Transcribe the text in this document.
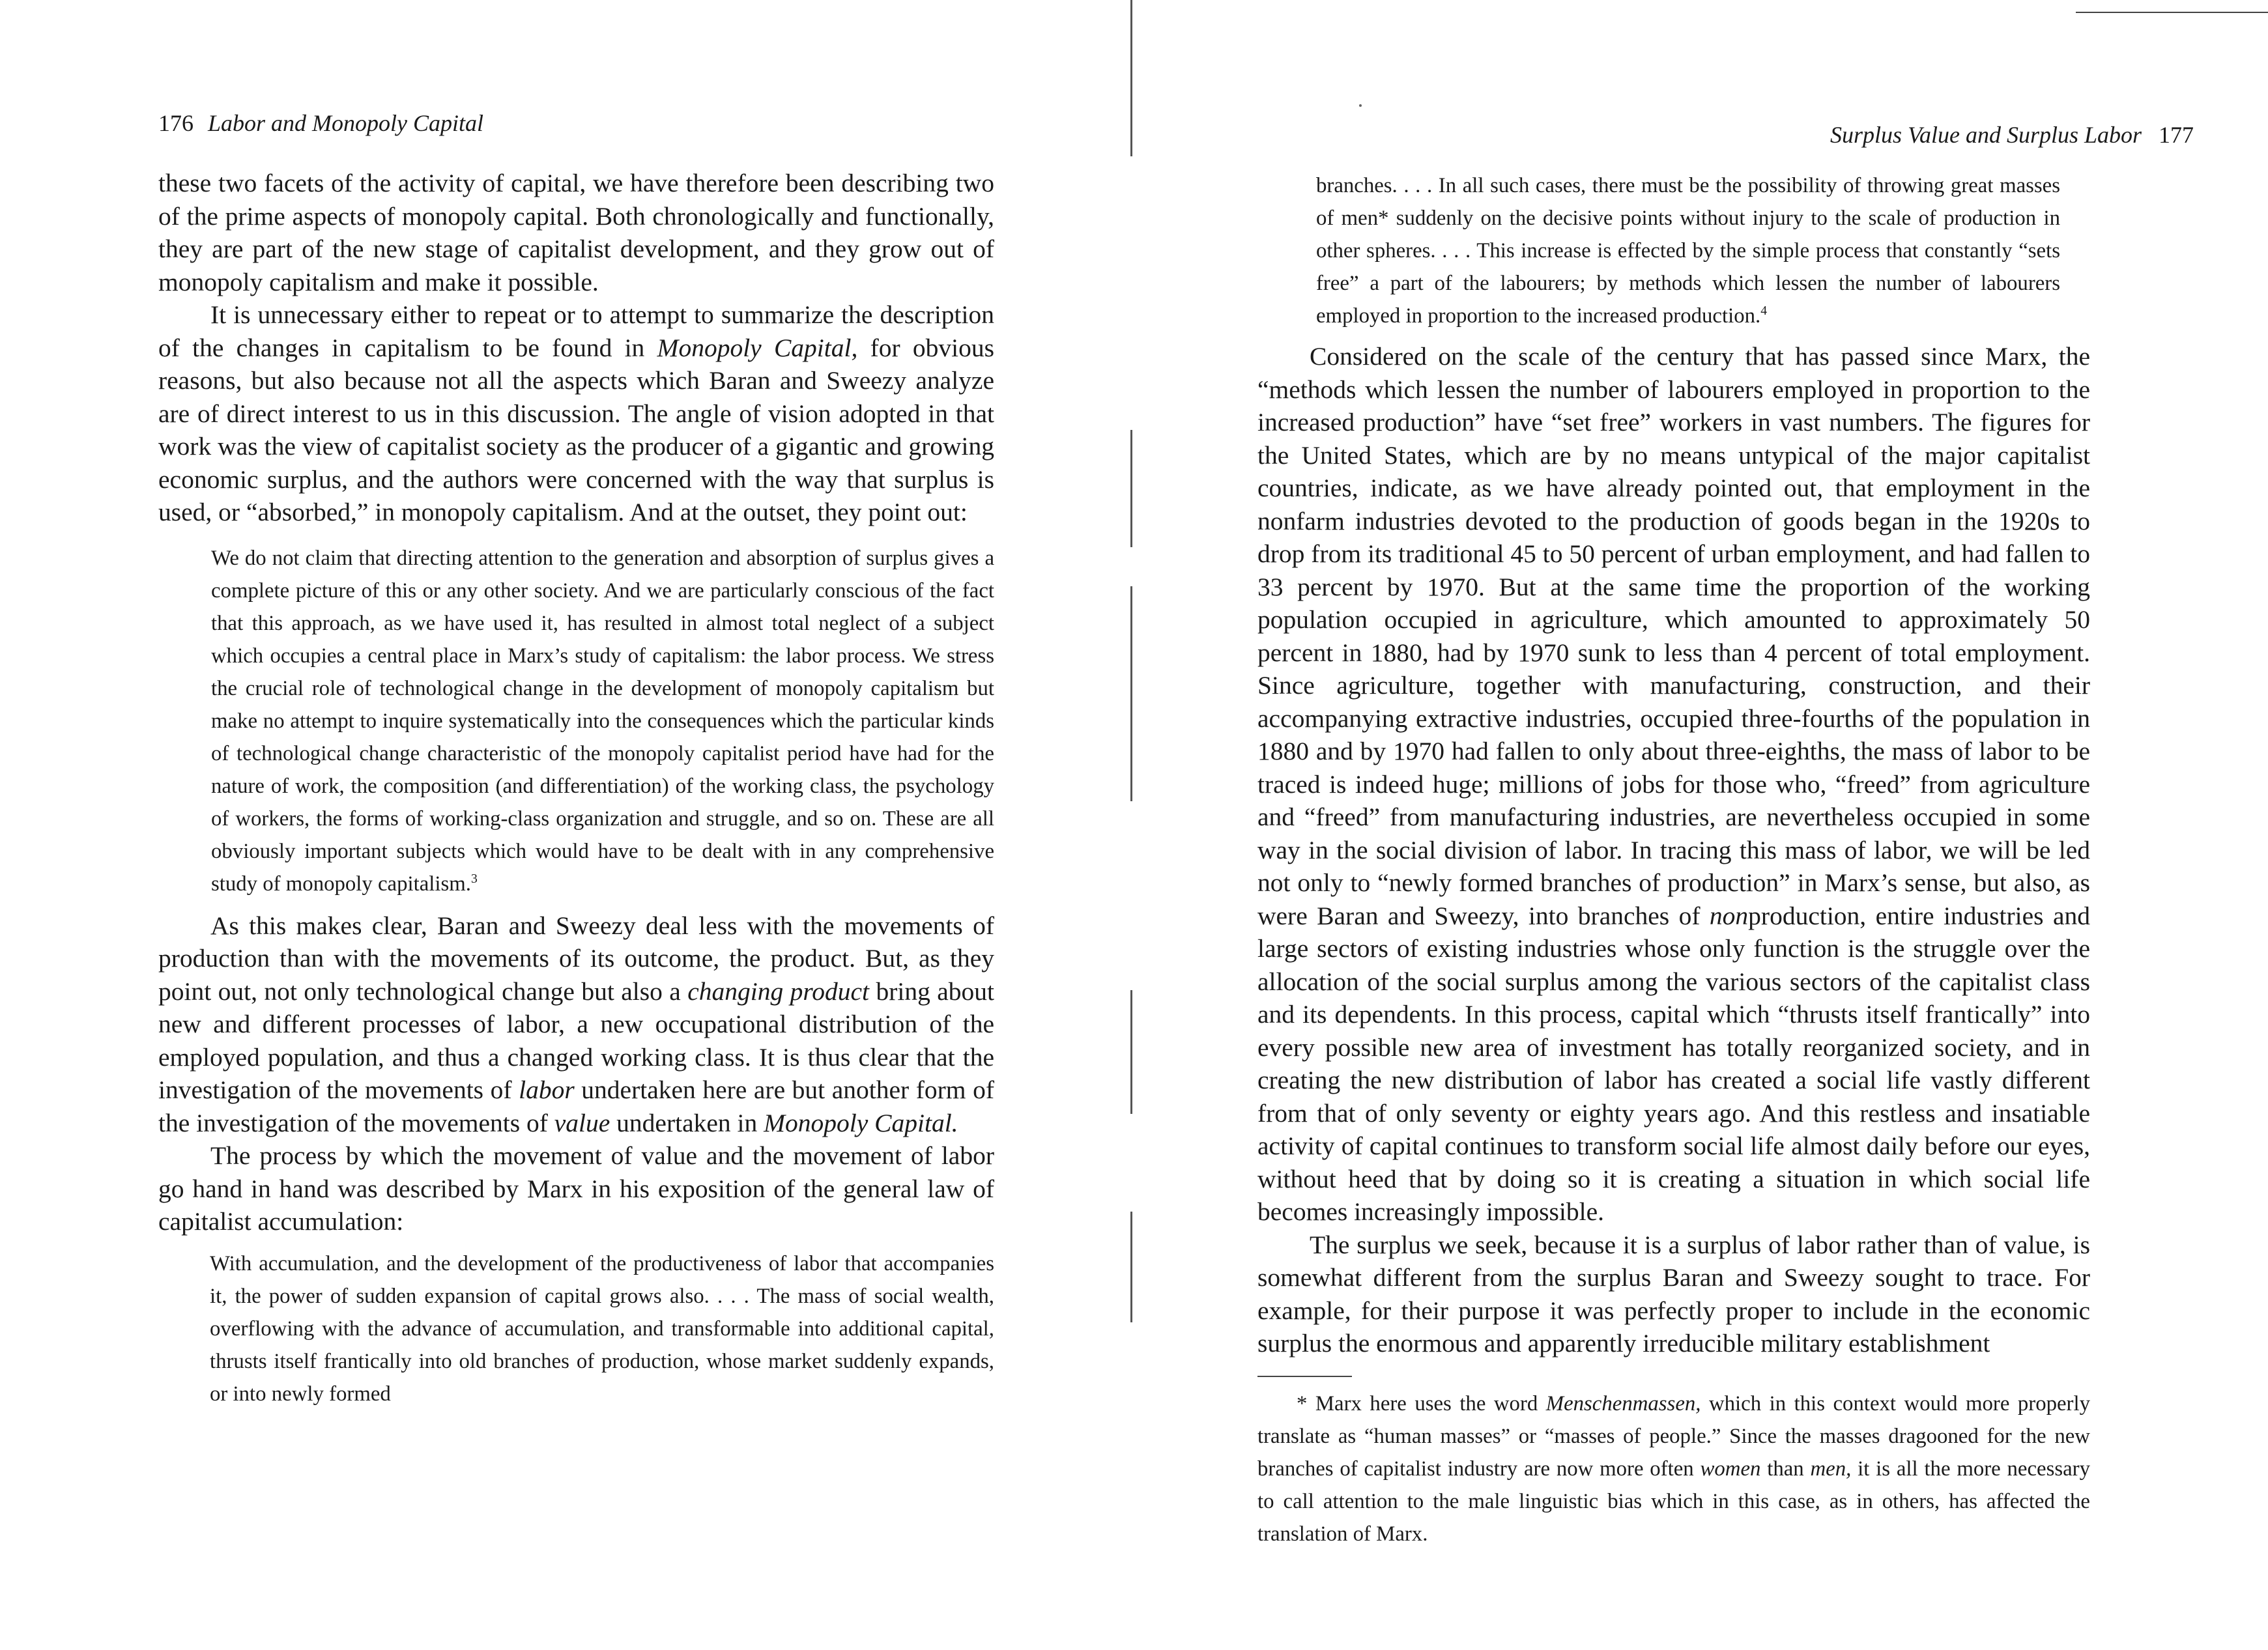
176 Labor and Monopoly Capital

these two facets of the activity of capital, we have therefore been describing two of the prime aspects of monopoly capital. Both chronologically and functionally, they are part of the new stage of capitalist development, and they grow out of monopoly capitalism and make it possible.

It is unnecessary either to repeat or to attempt to summarize the description of the changes in capitalism to be found in Monopoly Capital, for obvious reasons, but also because not all the aspects which Baran and Sweezy analyze are of direct interest to us in this discussion. The angle of vision adopted in that work was the view of capitalist society as the producer of a gigantic and growing economic surplus, and the authors were concerned with the way that surplus is used, or “absorbed,” in monopoly capitalism. And at the outset, they point out:

We do not claim that directing attention to the generation and absorption of surplus gives a complete picture of this or any other society. And we are particularly conscious of the fact that this approach, as we have used it, has resulted in almost total neglect of a subject which occupies a central place in Marx’s study of capitalism: the labor process. We stress the crucial role of technological change in the development of monopoly capitalism but make no attempt to inquire systematically into the consequences which the particular kinds of technological change characteristic of the monopoly capitalist period have had for the nature of work, the composition (and differentiation) of the working class, the psychology of workers, the forms of working-class organization and struggle, and so on. These are all obviously important subjects which would have to be dealt with in any comprehensive study of monopoly capitalism.$^3$

As this makes clear, Baran and Sweezy deal less with the movements of production than with the movements of its outcome, the product. But, as they point out, not only technological change but also a changing product bring about new and different processes of labor, a new occupational distribution of the employed population, and thus a changed working class. It is thus clear that the investigation of the movements of labor undertaken here are but another form of the investigation of the movements of value undertaken in Monopoly Capital.

The process by which the movement of value and the movement of labor go hand in hand was described by Marx in his exposition of the general law of capitalist accumulation:

With accumulation, and the development of the productiveness of labor that accompanies it, the power of sudden expansion of capital grows also. . . . The mass of social wealth, overflowing with the advance of accumulation, and transformable into additional capital, thrusts itself frantically into old branches of production, whose market suddenly expands, or into newly formed

Surplus Value and Surplus Labor 177

branches. . . . In all such cases, there must be the possibility of throwing great masses of men* suddenly on the decisive points without injury to the scale of production in other spheres. . . . This increase is effected by the simple process that constantly “sets free” a part of the labourers; by methods which lessen the number of labourers employed in proportion to the increased production.$^4$

Considered on the scale of the century that has passed since Marx, the “methods which lessen the number of labourers employed in proportion to the increased production” have “set free” workers in vast numbers. The figures for the United States, which are by no means untypical of the major capitalist countries, indicate, as we have already pointed out, that employment in the nonfarm industries devoted to the production of goods began in the 1920s to drop from its traditional 45 to 50 percent of urban employment, and had fallen to 33 percent by 1970. But at the same time the proportion of the working population occupied in agriculture, which amounted to approximately 50 percent in 1880, had by 1970 sunk to less than 4 percent of total employment. Since agriculture, together with manufacturing, construction, and their accompanying extractive industries, occupied three-fourths of the population in 1880 and by 1970 had fallen to only about three-eighths, the mass of labor to be traced is indeed huge; millions of jobs for those who, “freed” from agriculture and “freed” from manufacturing industries, are nevertheless occupied in some way in the social division of labor. In tracing this mass of labor, we will be led not only to “newly formed branches of production” in Marx’s sense, but also, as were Baran and Sweezy, into branches of nonproduction, entire industries and large sectors of existing industries whose only function is the struggle over the allocation of the social surplus among the various sectors of the capitalist class and its dependents. In this process, capital which “thrusts itself frantically” into every possible new area of investment has totally reorganized society, and in creating the new distribution of labor has created a social life vastly different from that of only seventy or eighty years ago. And this restless and insatiable activity of capital continues to transform social life almost daily before our eyes, without heed that by doing so it is creating a situation in which social life becomes increasingly impossible.

The surplus we seek, because it is a surplus of labor rather than of value, is somewhat different from the surplus Baran and Sweezy sought to trace. For example, for their purpose it was perfectly proper to include in the economic surplus the enormous and apparently irreducible military establishment

* Marx here uses the word Menschenmassen, which in this context would more properly translate as “human masses” or “masses of people.” Since the masses dragooned for the new branches of capitalist industry are now more often women than men, it is all the more necessary to call attention to the male linguistic bias which in this case, as in others, has affected the translation of Marx.
